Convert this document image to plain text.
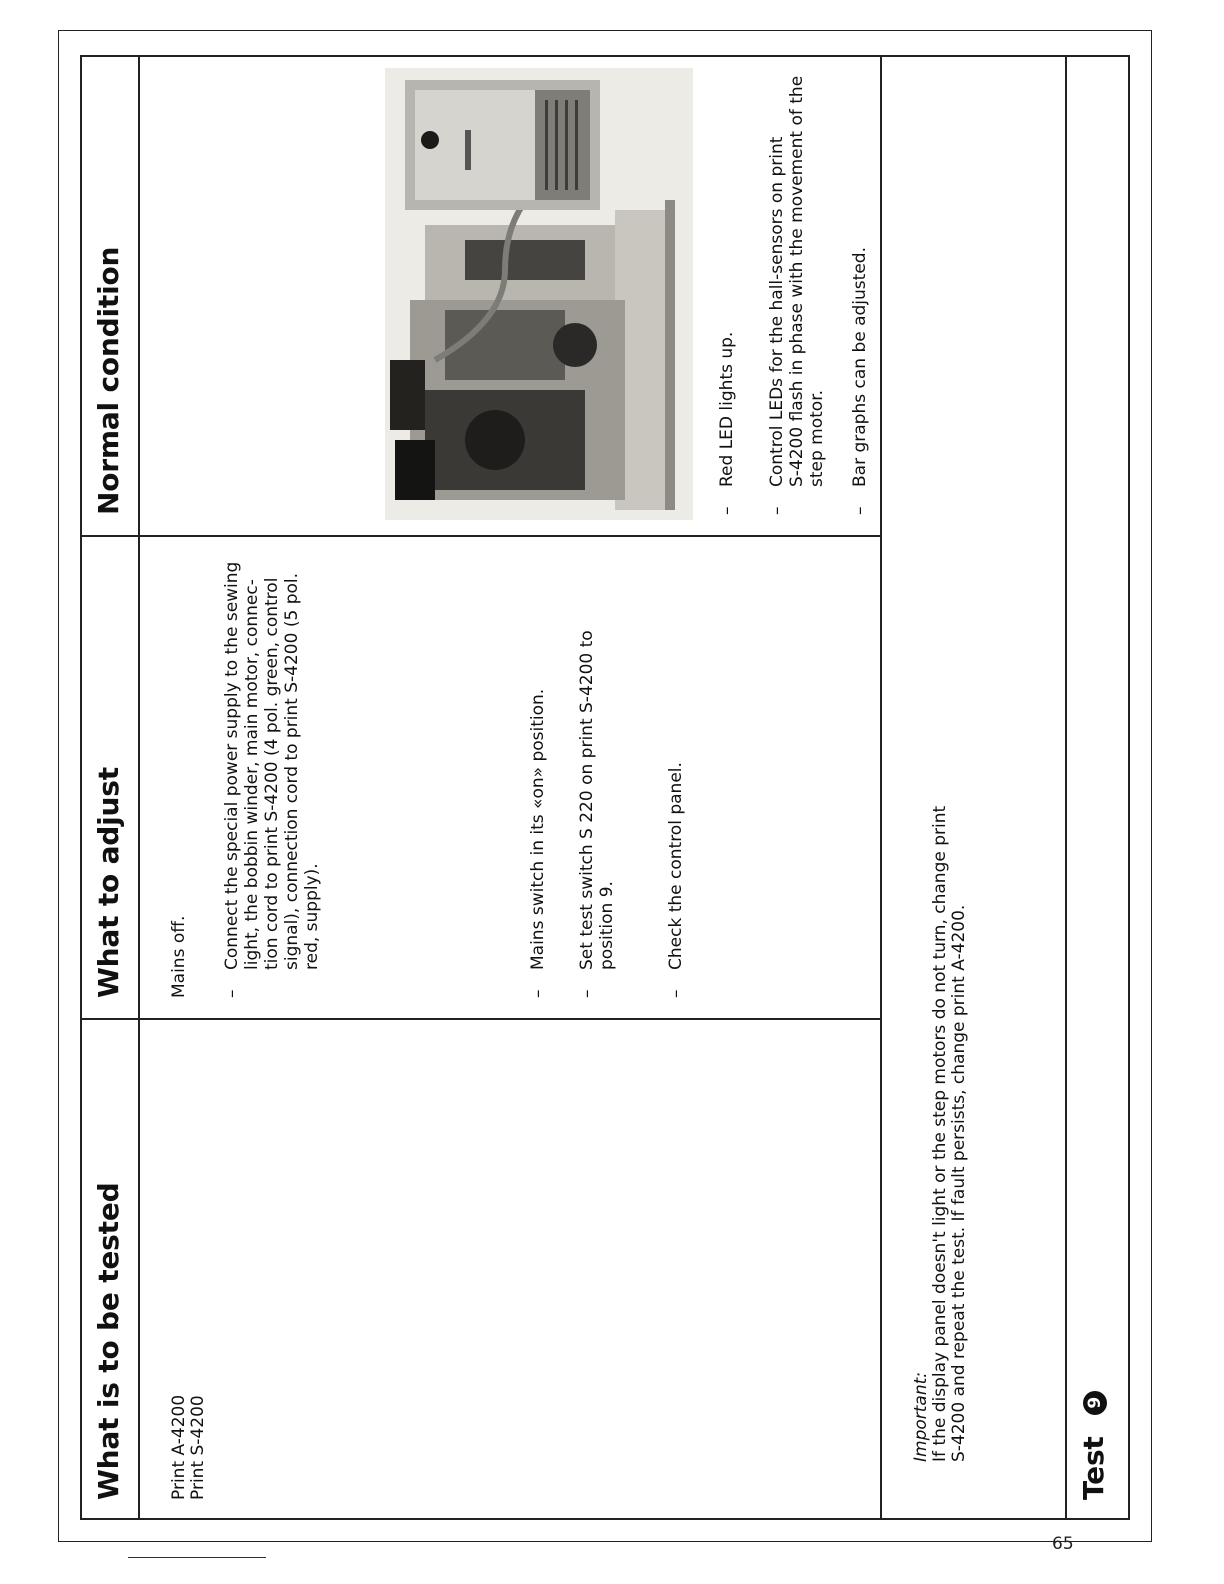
65
What is to be tested
What to adjust
Normal condition
Print A-4200 Print S-4200
Mains off. –
Connect the special power supply to the sewing light, the bobbin winder, main motor, connec- tion cord to print S-4200 (4 pol. green, control signal), connection cord to print S-4200 (5 pol. red, supply).
–
Mains switch in its «on» position.
–
Set test switch S 220 on print S-4200 to position 9.
–
Check the control panel.
–
Red LED lights up.
–
Control LEDs for the hall-sensors on print S-4200 flash in phase with the movement of the step motor.
–
Bar graphs can be adjusted.
Important: If the display panel doesn't light or the step motors do not turn, change print S-4200 and repeat the test. If fault persists, change print A-4200.
Test 9
